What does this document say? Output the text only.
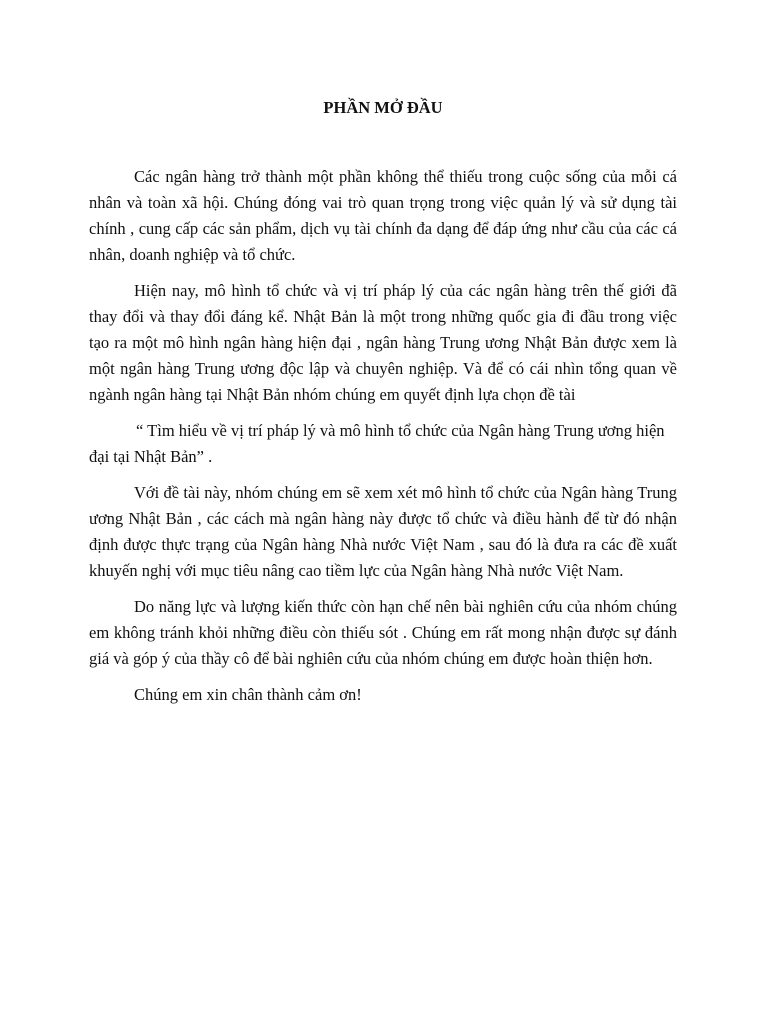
PHẦN MỞ ĐẦU

Các ngân hàng trở thành một phần không thể thiếu trong cuộc sống của mỗi cá nhân và toàn xã hội. Chúng đóng vai trò quan trọng trong việc quản lý và sử dụng tài chính , cung cấp các sản phẩm, dịch vụ tài chính đa dạng để đáp ứng như cầu của các cá nhân, doanh nghiệp và tổ chức.

Hiện nay, mô hình tổ chức và vị trí pháp lý của các ngân hàng trên thế giới đã thay đổi và thay đổi đáng kể. Nhật Bản là một trong những quốc gia đi đầu trong việc tạo ra một mô hình ngân hàng hiện đại , ngân hàng Trung ương Nhật Bản được xem là một ngân hàng Trung ương độc lập và chuyên nghiệp. Và để có cái nhìn tổng quan về ngành ngân hàng tại Nhật Bản nhóm chúng em quyết định lựa chọn đề tài

“ Tìm hiểu về vị trí pháp lý và mô hình tổ chức của Ngân hàng Trung ương hiện đại tại Nhật Bản” .

Với đề tài này, nhóm chúng em sẽ xem xét mô hình tổ chức của Ngân hàng Trung ương Nhật Bản , các cách mà ngân hàng này được tổ chức và điều hành để từ đó nhận định được thực trạng của Ngân hàng Nhà nước Việt Nam , sau đó là đưa ra các đề xuất khuyến nghị với mục tiêu nâng cao tiềm lực của Ngân hàng Nhà nước Việt Nam.

Do năng lực và lượng kiến thức còn hạn chế nên bài nghiên cứu của nhóm chúng em không tránh khỏi những điều còn thiếu sót . Chúng em rất mong nhận được sự đánh giá và góp ý của thầy cô để bài nghiên cứu của nhóm chúng em được hoàn thiện hơn.

Chúng em xin chân thành cảm ơn!
